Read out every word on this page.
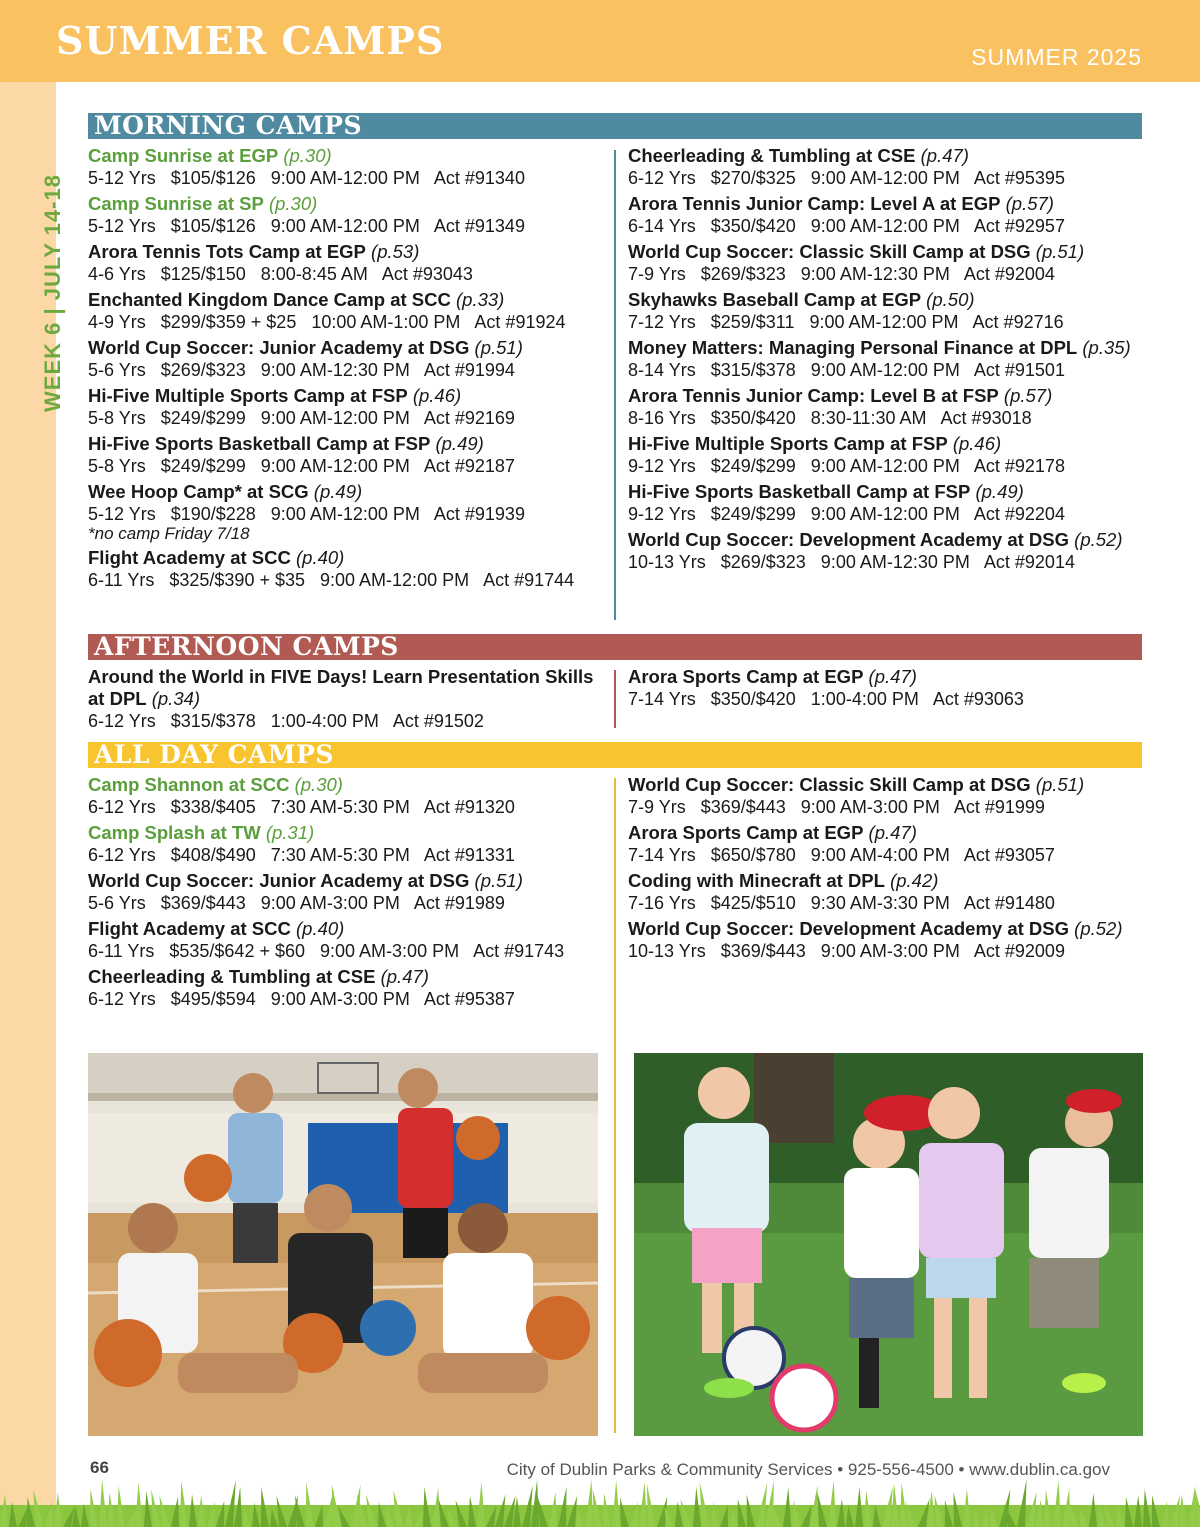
SUMMER CAMPS	SUMMER 2025
WEEK 6 | JULY 14-18
MORNING CAMPS
Camp Sunrise at EGP (p.30)
5-12 Yrs   $105/$126   9:00 AM-12:00 PM   Act #91340
Camp Sunrise at SP (p.30)
5-12 Yrs   $105/$126   9:00 AM-12:00 PM   Act #91349
Arora Tennis Tots Camp at EGP (p.53)
4-6 Yrs   $125/$150   8:00-8:45 AM   Act #93043
Enchanted Kingdom Dance Camp at SCC (p.33)
4-9 Yrs   $299/$359 + $25   10:00 AM-1:00 PM   Act #91924
World Cup Soccer: Junior Academy at DSG (p.51)
5-6 Yrs   $269/$323   9:00 AM-12:30 PM   Act #91994
Hi-Five Multiple Sports Camp at FSP (p.46)
5-8 Yrs   $249/$299   9:00 AM-12:00 PM   Act #92169
Hi-Five Sports Basketball Camp at FSP (p.49)
5-8 Yrs   $249/$299   9:00 AM-12:00 PM   Act #92187
Wee Hoop Camp* at SCG (p.49)
5-12 Yrs   $190/$228   9:00 AM-12:00 PM   Act #91939
*no camp Friday 7/18
Flight Academy at SCC (p.40)
6-11 Yrs   $325/$390 + $35   9:00 AM-12:00 PM   Act #91744
Cheerleading & Tumbling at CSE (p.47)
6-12 Yrs   $270/$325   9:00 AM-12:00 PM   Act #95395
Arora Tennis Junior Camp: Level A at EGP (p.57)
6-14 Yrs   $350/$420   9:00 AM-12:00 PM   Act #92957
World Cup Soccer: Classic Skill Camp at DSG (p.51)
7-9 Yrs   $269/$323   9:00 AM-12:30 PM   Act #92004
Skyhawks Baseball Camp at EGP (p.50)
7-12 Yrs   $259/$311   9:00 AM-12:00 PM   Act #92716
Money Matters: Managing Personal Finance at DPL (p.35)
8-14 Yrs   $315/$378   9:00 AM-12:00 PM   Act #91501
Arora Tennis Junior Camp: Level B at FSP (p.57)
8-16 Yrs   $350/$420   8:30-11:30 AM   Act #93018
Hi-Five Multiple Sports Camp at FSP (p.46)
9-12 Yrs   $249/$299   9:00 AM-12:00 PM   Act #92178
Hi-Five Sports Basketball Camp at FSP (p.49)
9-12 Yrs   $249/$299   9:00 AM-12:00 PM   Act #92204
World Cup Soccer: Development Academy at DSG (p.52)
10-13 Yrs   $269/$323   9:00 AM-12:30 PM   Act #92014
AFTERNOON CAMPS
Around the World in FIVE Days! Learn Presentation Skills at DPL (p.34)
6-12 Yrs   $315/$378   1:00-4:00 PM   Act #91502
Arora Sports Camp at EGP (p.47)
7-14 Yrs   $350/$420   1:00-4:00 PM   Act #93063
ALL DAY CAMPS
Camp Shannon at SCC (p.30)
6-12 Yrs   $338/$405   7:30 AM-5:30 PM   Act #91320
Camp Splash at TW (p.31)
6-12 Yrs   $408/$490   7:30 AM-5:30 PM   Act #91331
World Cup Soccer: Junior Academy at DSG (p.51)
5-6 Yrs   $369/$443   9:00 AM-3:00 PM   Act #91989
Flight Academy at SCC (p.40)
6-11 Yrs   $535/$642 + $60   9:00 AM-3:00 PM   Act #91743
Cheerleading & Tumbling at CSE (p.47)
6-12 Yrs   $495/$594   9:00 AM-3:00 PM   Act #95387
World Cup Soccer: Classic Skill Camp at DSG (p.51)
7-9 Yrs   $369/$443   9:00 AM-3:00 PM   Act #91999
Arora Sports Camp at EGP (p.47)
7-14 Yrs   $650/$780   9:00 AM-4:00 PM   Act #93057
Coding with Minecraft at DPL (p.42)
7-16 Yrs   $425/$510   9:30 AM-3:30 PM   Act #91480
World Cup Soccer: Development Academy at DSG (p.52)
10-13 Yrs   $369/$443   9:00 AM-3:00 PM   Act #92009
66	City of Dublin Parks & Community Services • 925-556-4500 • www.dublin.ca.gov
